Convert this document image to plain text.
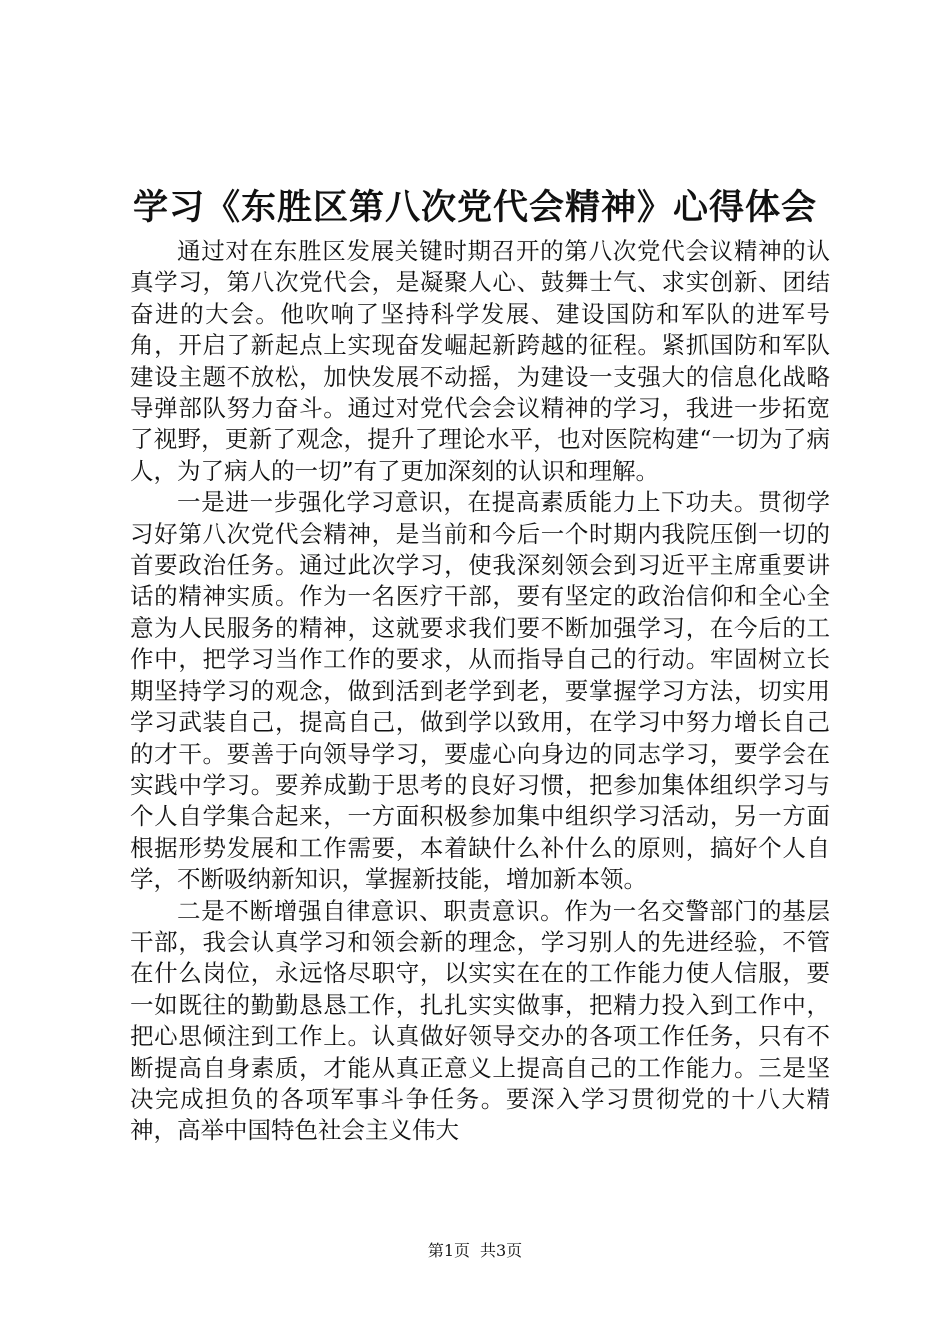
学习《东胜区第八次党代会精神》心得体会

通过对在东胜区发展关键时期召开的第八次党代会议精神的认真学习，第八次党代会，是凝聚人心、鼓舞士气、求实创新、团结奋进的大会。他吹响了坚持科学发展、建设国防和军队的进军号角，开启了新起点上实现奋发崛起新跨越的征程。紧抓国防和军队建设主题不放松，加快发展不动摇，为建设一支强大的信息化战略导弹部队努力奋斗。通过对党代会会议精神的学习，我进一步拓宽了视野，更新了观念，提升了理论水平，也对医院构建“一切为了病人，为了病人的一切”有了更加深刻的认识和理解。

一是进一步强化学习意识，在提高素质能力上下功夫。贯彻学习好第八次党代会精神，是当前和今后一个时期内我院压倒一切的首要政治任务。通过此次学习，使我深刻领会到习近平主席重要讲话的精神实质。作为一名医疗干部，要有坚定的政治信仰和全心全意为人民服务的精神，这就要求我们要不断加强学习，在今后的工作中，把学习当作工作的要求，从而指导自己的行动。牢固树立长期坚持学习的观念，做到活到老学到老，要掌握学习方法，切实用学习武装自己，提高自己，做到学以致用，在学习中努力增长自己的才干。要善于向领导学习，要虚心向身边的同志学习，要学会在实践中学习。要养成勤于思考的良好习惯，把参加集体组织学习与个人自学集合起来，一方面积极参加集中组织学习活动，另一方面根据形势发展和工作需要，本着缺什么补什么的原则，搞好个人自学，不断吸纳新知识，掌握新技能，增加新本领。

二是不断增强自律意识、职责意识。作为一名交警部门的基层干部，我会认真学习和领会新的理念，学习别人的先进经验，不管在什么岗位，永远恪尽职守，以实实在在的工作能力使人信服，要一如既往的勤勤恳恳工作，扎扎实实做事，把精力投入到工作中，把心思倾注到工作上。认真做好领导交办的各项工作任务，只有不断提高自身素质，才能从真正意义上提高自己的工作能力。三是坚决完成担负的各项军事斗争任务。要深入学习贯彻党的十八大精神，高举中国特色社会主义伟大

第1页 共3页
